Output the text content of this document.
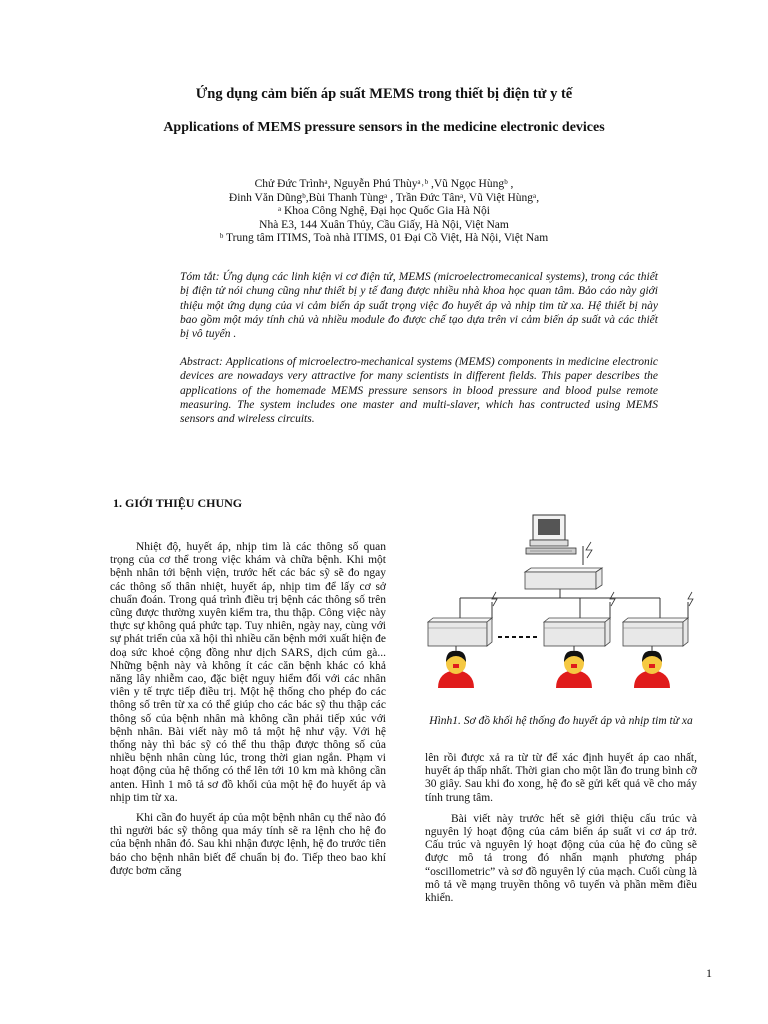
Ứng dụng cảm biến áp suất MEMS trong thiết bị điện tử y tế
Applications of MEMS pressure sensors in the medicine electronic devices
Chử Đức Trìnhᵃ, Nguyễn Phú Thùyᵃ˒ᵇ ,Vũ Ngọc Hùngᵇ ,
Đinh Văn Dũngᵇ,Bùi Thanh Tùngᵃ , Trần Đức Tânᵃ, Vũ Việt Hùngᵃ,
ᵃ Khoa Công Nghệ, Đại học Quốc Gia Hà Nội
Nhà E3, 144 Xuân Thủy, Cầu Giấy, Hà Nội, Việt Nam
ᵇ Trung tâm ITIMS, Toà nhà ITIMS, 01 Đại Cồ Việt, Hà Nội, Việt Nam
Tóm tắt: Ứng dụng các linh kiện vi cơ điện tử, MEMS (microelectromecanical systems), trong các thiết bị điện tử nói chung cũng như thiết bị y tế đang được nhiều nhà khoa học quan tâm. Bảo cáo này giới thiệu một ứng dụng của vi cảm biến áp suất trọng việc đo huyết áp và nhịp tim từ xa. Hệ thiết bị này bao gồm một máy tính chủ và nhiều module đo được chế tạo dựa trên vi cảm biến áp suất và các thiết bị vô tuyến .
Abstract: Applications of microelectro-mechanical systems (MEMS) components in medicine electronic devices are nowadays very attractive for many scientists in different fields. This paper describes the applications of the homemade MEMS pressure sensors in blood pressure and blood pulse remote measuring. The system includes one master and multi-slaver, which has contructed using MEMS sensors and wireless circuits.
1. GIỚI THIỆU CHUNG

Nhiệt độ, huyết áp, nhịp tim là các thông số quan trọng của cơ thể trong việc khám và chữa bệnh. Khi một bệnh nhân tới bệnh viện, trước hết các bác sỹ sẽ đo ngay các thông số thân nhiệt, huyết áp, nhịp tim để lấy cơ sở chuẩn đoán. Trong quá trình điều trị bệnh các thông số trên cũng được thường xuyên kiểm tra, thu thập. Công việc này thực sự không quá phức tạp. Tuy nhiên, ngày nay, cùng với sự phát triển của xã hội thì nhiều căn bệnh mới xuất hiện đe doạ sức khoẻ cộng đồng như dịch SARS, dịch cúm gà... Những bệnh này và không ít các căn bệnh khác có khả năng lây nhiễm cao, đặc biệt nguy hiểm đối với các nhân viên y tế trực tiếp điều trị. Một hệ thống cho phép đo các thông số trên từ xa có thể giúp cho các bác sỹ thu thập các thông số của bệnh nhân mà không cần phải tiếp xúc với bệnh nhân. Bài viết này mô tả một hệ như vậy. Với hệ thống này thì bác sỹ có thể thu thập được thông số của nhiều bệnh nhân cùng lúc, trong thời gian ngắn. Phạm vi hoạt động của hệ thống có thể lên tới 10 km mà không cần anten. Hình 1 mô tả sơ đồ khối của một hệ đo huyết áp và nhịp tim từ xa.

Khi cần đo huyết áp của một bệnh nhân cụ thể nào đó thì người bác sỹ thông qua máy tính sẽ ra lệnh cho hệ đo của bệnh nhân đó. Sau khi nhận được lệnh, hệ đo trước tiên báo cho bệnh nhân biết để chuẩn bị đo. Tiếp theo bao khí được bơm căng

Hình1. Sơ đồ khối hệ thống đo huyết áp và nhịp tim từ xa

lên rồi được xả ra từ từ để xác định huyết áp cao nhất, huyết áp thấp nhất. Thời gian cho một lần đo trung bình cỡ 30 giây. Sau khi đo xong, hệ đo sẽ gửi kết quả về cho máy tính trung tâm.

Bài viết này trước hết sẽ giới thiệu cấu trúc và nguyên lý hoạt động của cảm biến áp suất vi cơ áp trở. Cấu trúc và nguyên lý hoạt động của của hệ đo cũng sẽ được mô tả trong đó nhấn mạnh phương pháp “oscillometric” và sơ đồ nguyên lý của mạch. Cuối cùng là mô tả về mạng truyền thông vô tuyến và phần mềm điều khiển.

1
